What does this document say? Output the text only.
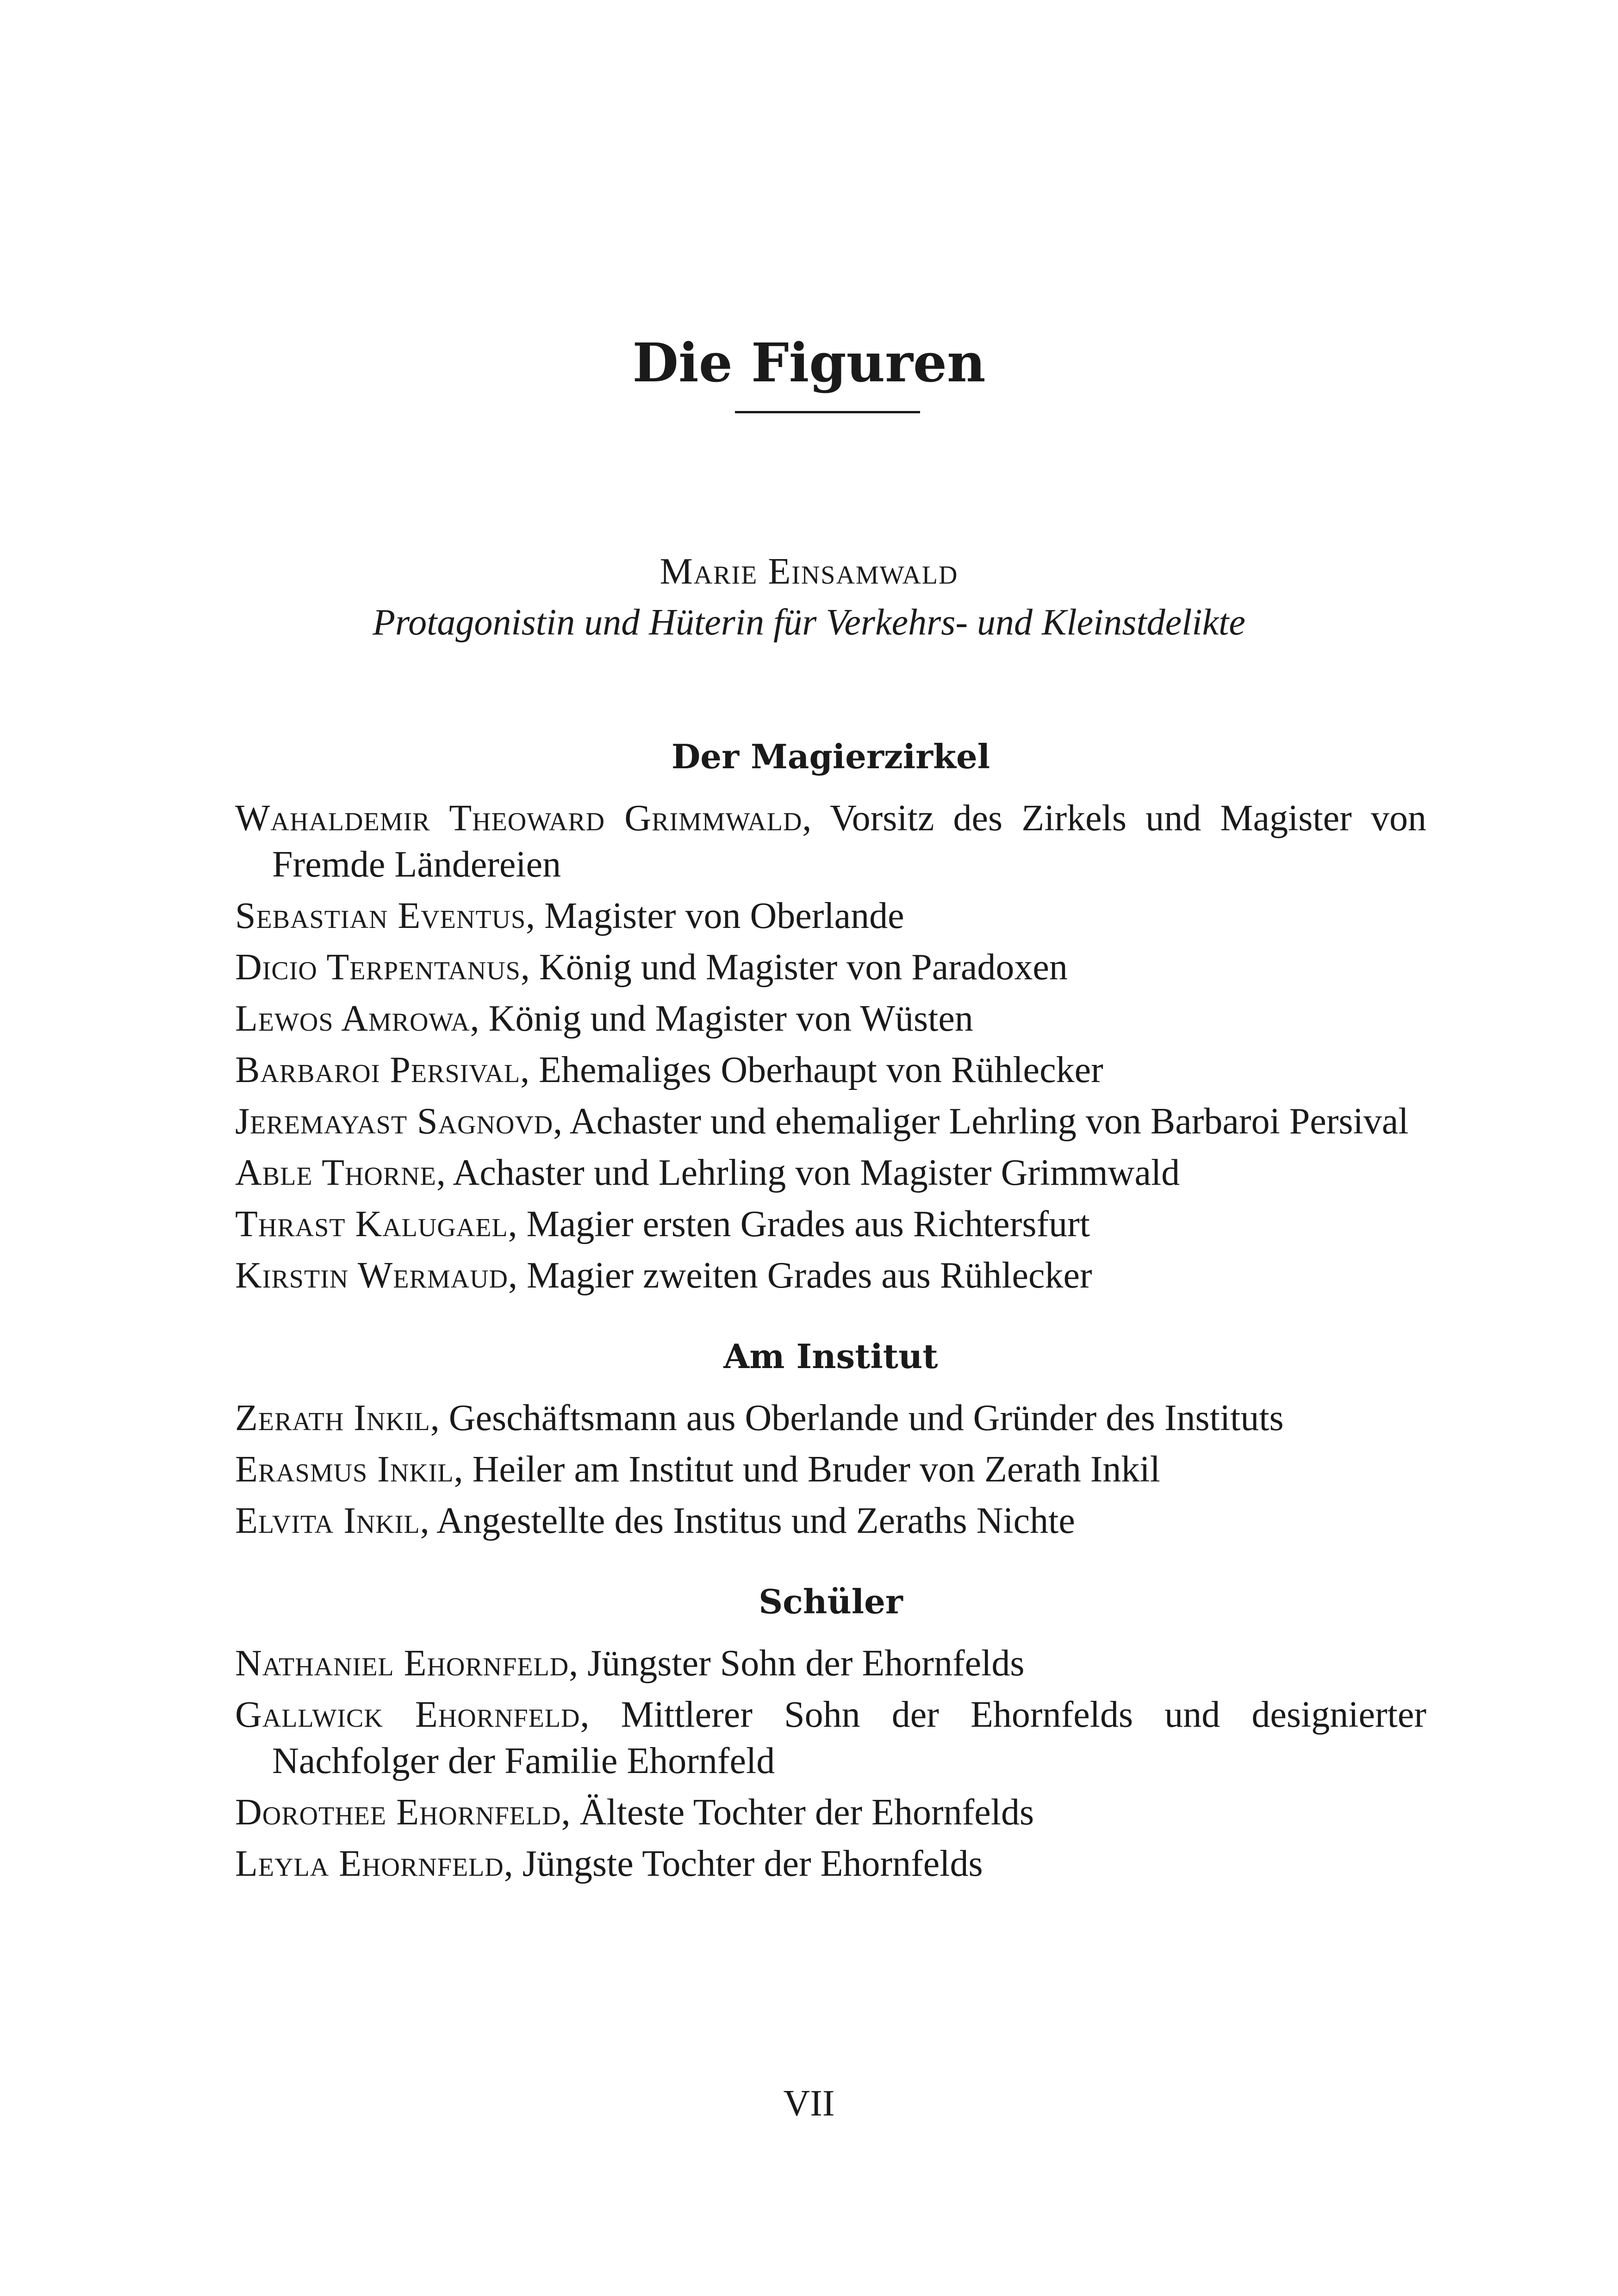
Die Figuren
Marie Einsamwald
Protagonistin und Hüterin für Verkehrs- und Kleinstdelikte
Der Magierzirkel

Wahaldemir Theoward Grimmwald, Vorsitz des Zirkels und Magister von Fremde Ländereien

Sebastian Eventus, Magister von Oberlande

Dicio Terpentanus, König und Magister von Paradoxen

Lewos Amrowa, König und Magister von Wüsten

Barbaroi Persival, Ehemaliges Oberhaupt von Rühlecker

Jeremayast Sagnovd, Achaster und ehemaliger Lehrling von Barbaroi Persival

Able Thorne, Achaster und Lehrling von Magister Grimmwald

Thrast Kalugael, Magier ersten Grades aus Richtersfurt

Kirstin Wermaud, Magier zweiten Grades aus Rühlecker

Am Institut

Zerath Inkil, Geschäftsmann aus Oberlande und Gründer des Instituts

Erasmus Inkil, Heiler am Institut und Bruder von Zerath Inkil

Elvita Inkil, Angestellte des Institus und Zeraths Nichte

Schüler

Nathaniel Ehornfeld, Jüngster Sohn der Ehornfelds

Gallwick Ehornfeld, Mittlerer Sohn der Ehornfelds und designierter Nachfolger der Familie Ehornfeld

Dorothee Ehornfeld, Älteste Tochter der Ehornfelds

Leyla Ehornfeld, Jüngste Tochter der Ehornfelds

VII
